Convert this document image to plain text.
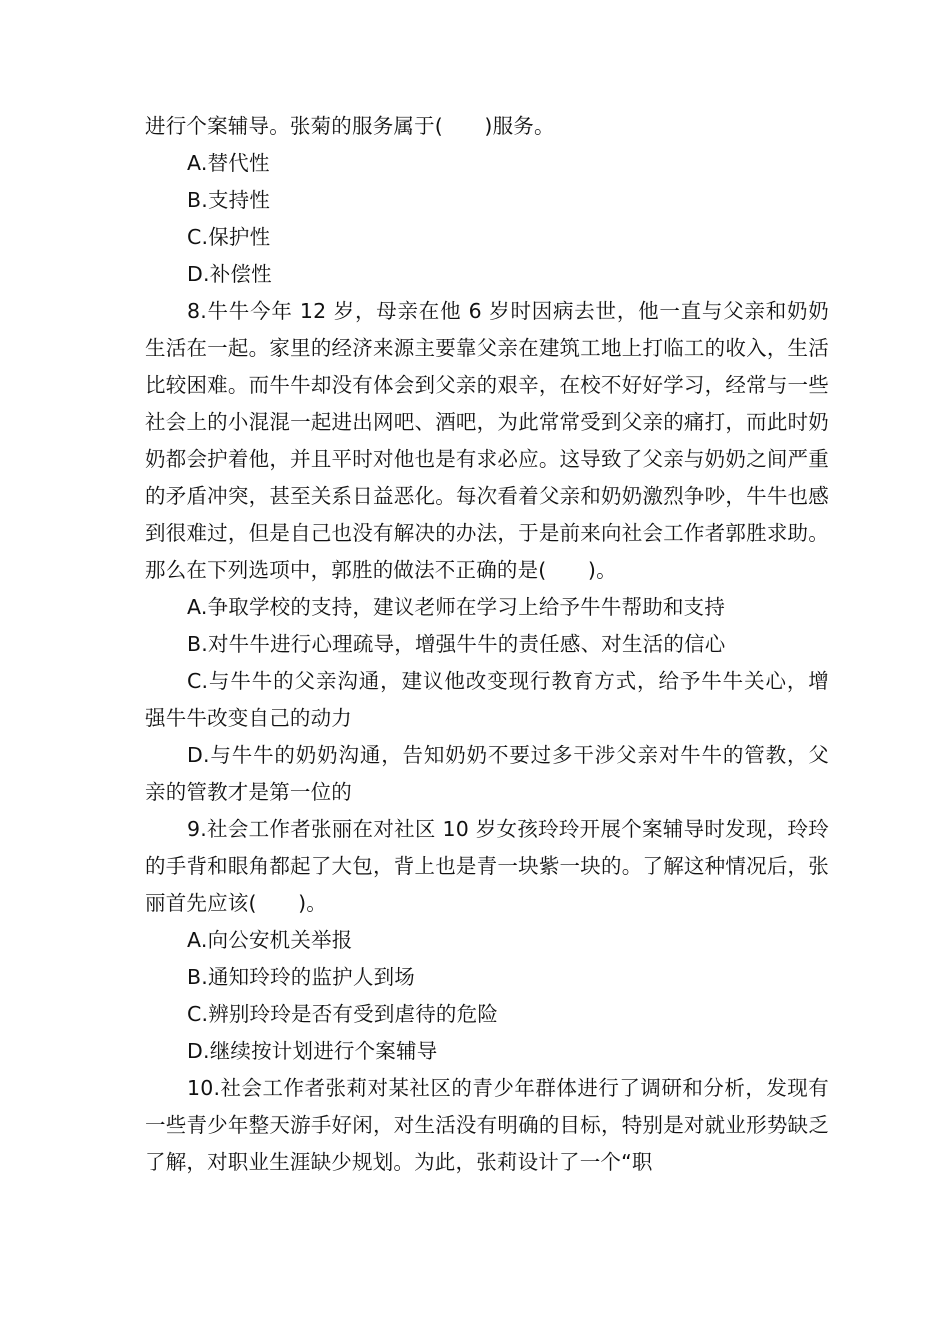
进行个案辅导。张菊的服务属于(　　)服务。

A.替代性

B.支持性

C.保护性

D.补偿性

8.牛牛今年 12 岁，母亲在他 6 岁时因病去世，他一直与父亲和奶奶生活在一起。家里的经济来源主要靠父亲在建筑工地上打临工的收入，生活比较困难。而牛牛却没有体会到父亲的艰辛，在校不好好学习，经常与一些社会上的小混混一起进出网吧、酒吧，为此常常受到父亲的痛打，而此时奶奶都会护着他，并且平时对他也是有求必应。这导致了父亲与奶奶之间严重的矛盾冲突，甚至关系日益恶化。每次看着父亲和奶奶激烈争吵，牛牛也感到很难过，但是自己也没有解决的办法，于是前来向社会工作者郭胜求助。那么在下列选项中，郭胜的做法不正确的是(　　)。

A.争取学校的支持，建议老师在学习上给予牛牛帮助和支持

B.对牛牛进行心理疏导，增强牛牛的责任感、对生活的信心

C.与牛牛的父亲沟通，建议他改变现行教育方式，给予牛牛关心，增强牛牛改变自己的动力

D.与牛牛的奶奶沟通，告知奶奶不要过多干涉父亲对牛牛的管教，父亲的管教才是第一位的

9.社会工作者张丽在对社区 10 岁女孩玲玲开展个案辅导时发现，玲玲的手背和眼角都起了大包，背上也是青一块紫一块的。了解这种情况后，张丽首先应该(　　)。

A.向公安机关举报

B.通知玲玲的监护人到场

C.辨别玲玲是否有受到虐待的危险

D.继续按计划进行个案辅导

10.社会工作者张莉对某社区的青少年群体进行了调研和分析，发现有一些青少年整天游手好闲，对生活没有明确的目标，特别是对就业形势缺乏了解，对职业生涯缺少规划。为此，张莉设计了一个“职
